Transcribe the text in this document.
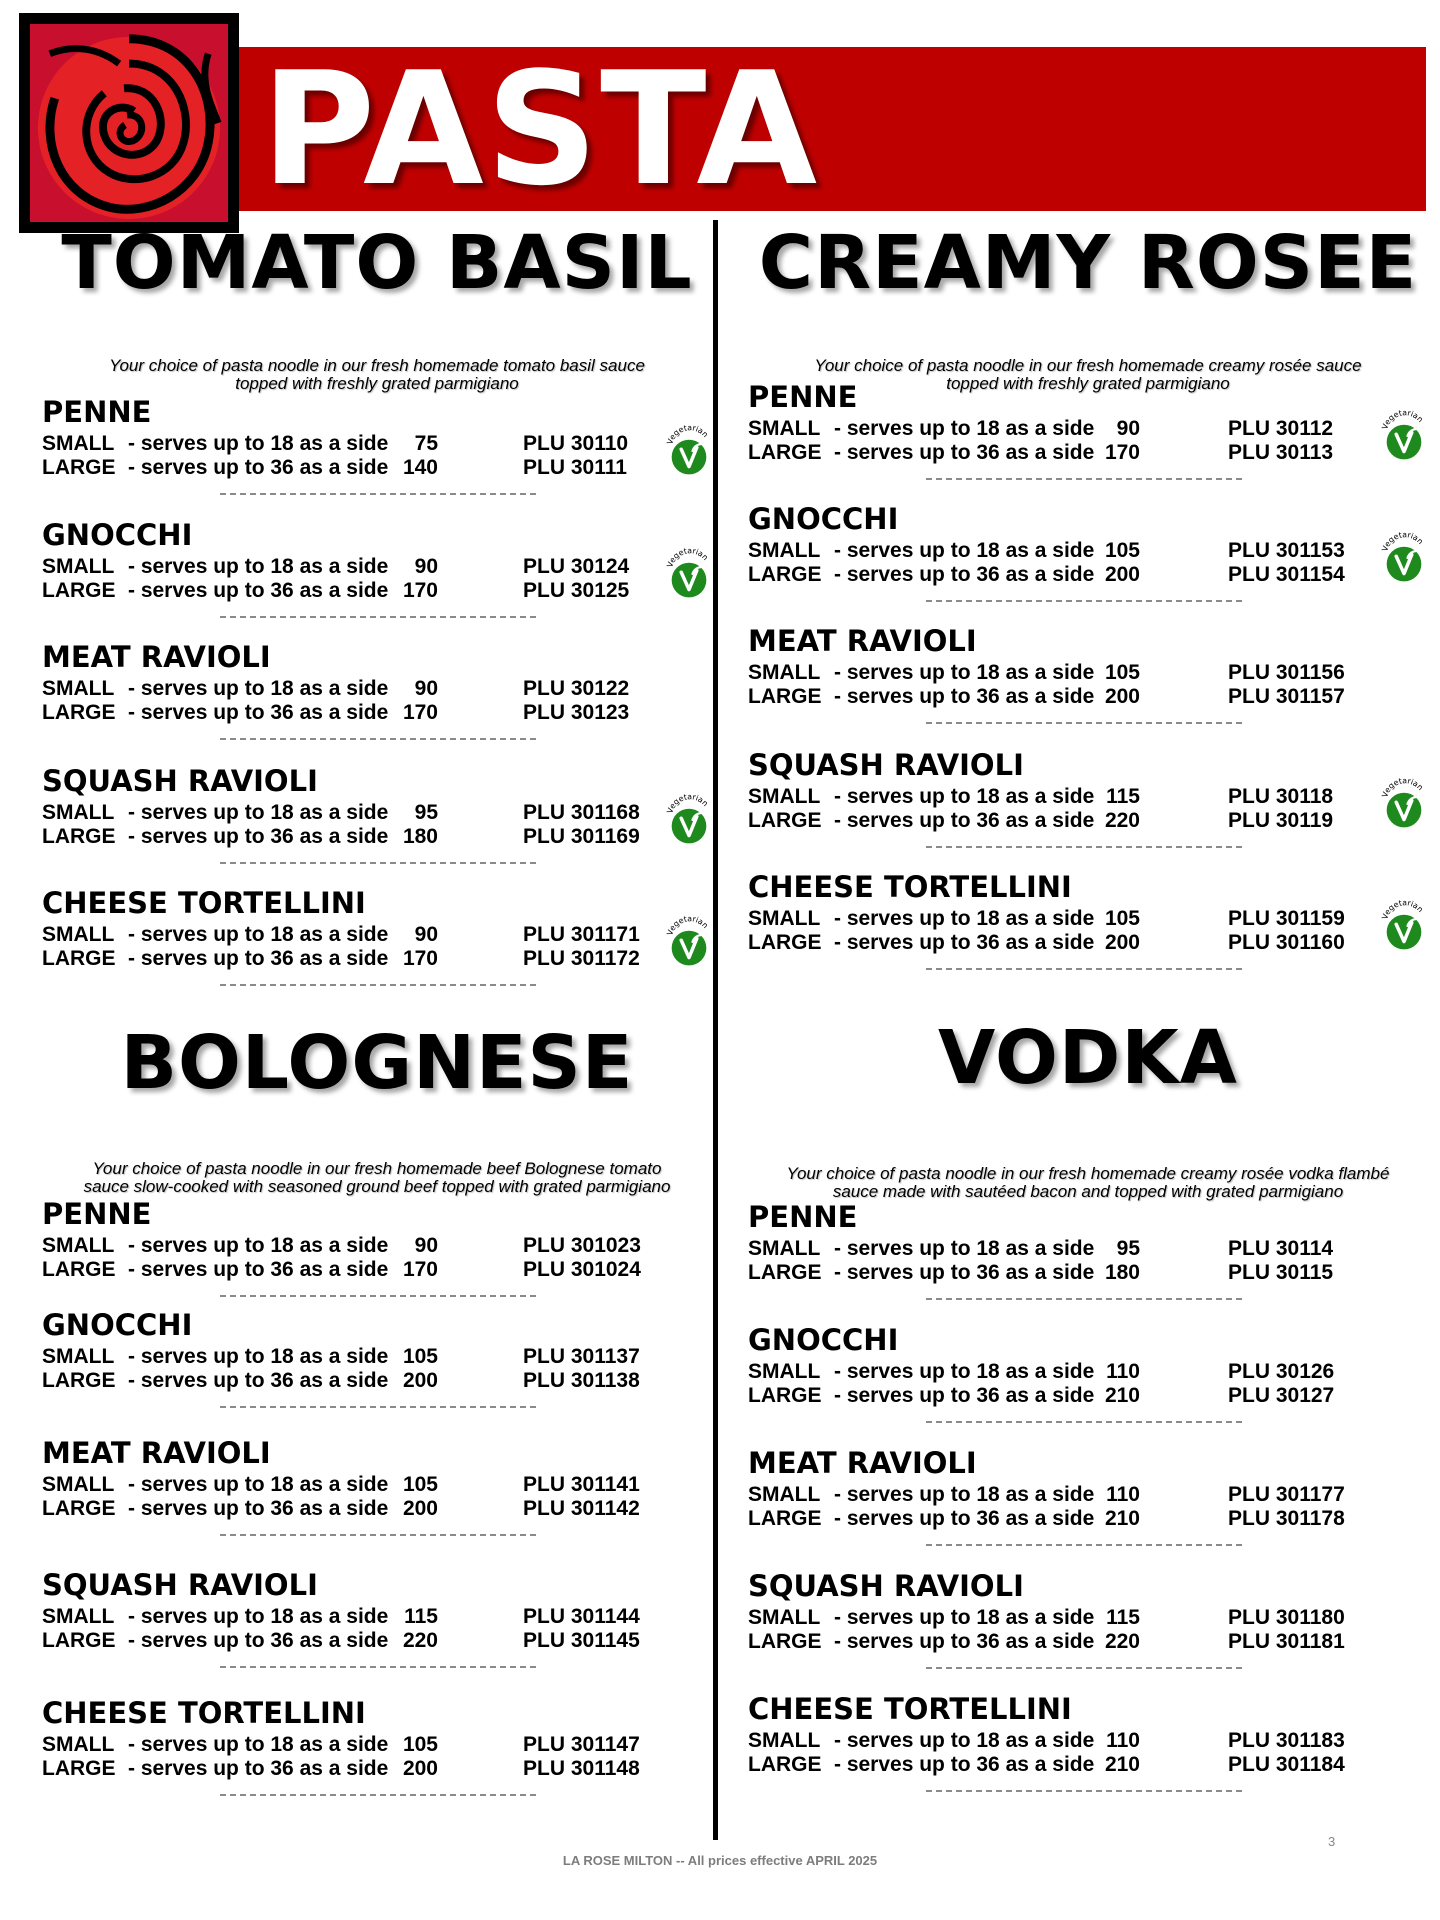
PASTA
TOMATO BASIL
Your choice of pasta noodle in our fresh homemade tomato basil sauce
topped with freshly grated parmigiano
PENNE
SMALL - serves up to 18 as a side	75	PLU 30110
LARGE - serves up to 36 as a side 140	PLU 30111
Vegetarian
GNOCCHI
SMALL - serves up to 18 as a side	90	PLU 30124
LARGE - serves up to 36 as a side 170	PLU 30125
Vegetarian
MEAT RAVIOLI
SMALL - serves up to 18 as a side	90	PLU 30122
LARGE - serves up to 36 as a side 170	PLU 30123
SQUASH RAVIOLI
SMALL - serves up to 18 as a side	95	PLU 301168
LARGE - serves up to 36 as a side 180	PLU 301169
Vegetarian
CHEESE TORTELLINI
SMALL - serves up to 18 as a side	90	PLU 301171
LARGE - serves up to 36 as a side 170	PLU 301172
Vegetarian
CREAMY ROSEE
Your choice of pasta noodle in our fresh homemade creamy rosée sauce
topped with freshly grated parmigiano
PENNE
SMALL - serves up to 18 as a side	90	PLU 30112
LARGE - serves up to 36 as a side 170	PLU 30113
Vegetarian
GNOCCHI
SMALL - serves up to 18 as a side 105	PLU 301153
LARGE - serves up to 36 as a side 200	PLU 301154
Vegetarian
MEAT RAVIOLI
SMALL - serves up to 18 as a side 105	PLU 301156
LARGE - serves up to 36 as a side 200	PLU 301157
SQUASH RAVIOLI
SMALL - serves up to 18 as a side 115	PLU 30118
LARGE - serves up to 36 as a side 220	PLU 30119
Vegetarian
CHEESE TORTELLINI
SMALL - serves up to 18 as a side 105	PLU 301159
LARGE - serves up to 36 as a side 200	PLU 301160
Vegetarian
BOLOGNESE
Your choice of pasta noodle in our fresh homemade beef Bolognese tomato
sauce slow-cooked with seasoned ground beef topped with grated parmigiano
PENNE
SMALL - serves up to 18 as a side	90	PLU 301023
LARGE - serves up to 36 as a side 170	PLU 301024
GNOCCHI
SMALL - serves up to 18 as a side 105	PLU 301137
LARGE - serves up to 36 as a side 200	PLU 301138
MEAT RAVIOLI
SMALL - serves up to 18 as a side 105	PLU 301141
LARGE - serves up to 36 as a side 200	PLU 301142
SQUASH RAVIOLI
SMALL - serves up to 18 as a side 115	PLU 301144
LARGE - serves up to 36 as a side 220	PLU 301145
CHEESE TORTELLINI
SMALL - serves up to 18 as a side 105	PLU 301147
LARGE - serves up to 36 as a side 200	PLU 301148
VODKA
Your choice of pasta noodle in our fresh homemade creamy rosée vodka flambé
sauce made with sautéed bacon and topped with grated parmigiano
PENNE
SMALL - serves up to 18 as a side	95	PLU 30114
LARGE - serves up to 36 as a side 180	PLU 30115
GNOCCHI
SMALL - serves up to 18 as a side 110	PLU 30126
LARGE - serves up to 36 as a side 210	PLU 30127
MEAT RAVIOLI
SMALL - serves up to 18 as a side 110	PLU 301177
LARGE - serves up to 36 as a side 210	PLU 301178
SQUASH RAVIOLI
SMALL - serves up to 18 as a side 115	PLU 301180
LARGE - serves up to 36 as a side 220	PLU 301181
CHEESE TORTELLINI
SMALL - serves up to 18 as a side 110	PLU 301183
LARGE - serves up to 36 as a side 210	PLU 301184
LA ROSE MILTON -- All prices effective APRIL 2025
3
